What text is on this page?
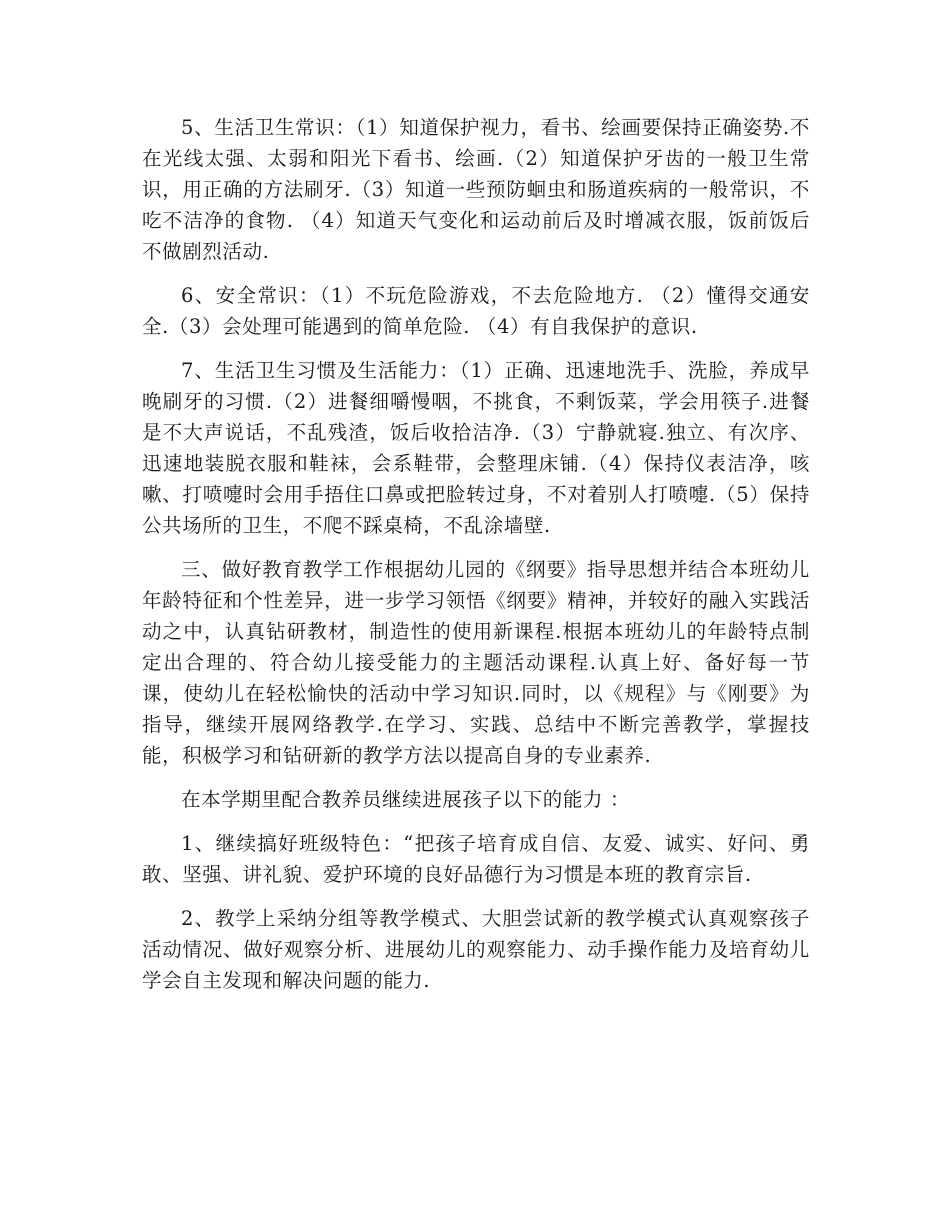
5、生活卫生常识：（1）知道保护视力，看书、绘画要保持正确姿势.不在光线太强、太弱和阳光下看书、绘画.（2）知道保护牙齿的一般卫生常识，用正确的方法刷牙.（3）知道一些预防蛔虫和肠道疾病的一般常识，不吃不洁净的食物. （4）知道天气变化和运动前后及时增减衣服，饭前饭后不做剧烈活动.

6、安全常识：（1）不玩危险游戏，不去危险地方. （2）懂得交通安全.（3）会处理可能遇到的简单危险. （4）有自我保护的意识.

7、生活卫生习惯及生活能力：（1）正确、迅速地洗手、洗脸，养成早晚刷牙的习惯.（2）进餐细嚼慢咽，不挑食，不剩饭菜，学会用筷子.进餐是不大声说话，不乱残渣，饭后收拾洁净.（3）宁静就寝.独立、有次序、迅速地装脱衣服和鞋袜，会系鞋带，会整理床铺.（4）保持仪表洁净，咳嗽、打喷嚏时会用手捂住口鼻或把脸转过身，不对着别人打喷嚏.（5）保持公共场所的卫生，不爬不踩桌椅，不乱涂墙壁.

三、做好教育教学工作根据幼儿园的《纲要》指导思想并结合本班幼儿年龄特征和个性差异，进一步学习领悟《纲要》精神，并较好的融入实践活动之中，认真钻研教材，制造性的使用新课程.根据本班幼儿的年龄特点制定出合理的、符合幼儿接受能力的主题活动课程.认真上好、备好每一节课，使幼儿在轻松愉快的活动中学习知识.同时，以《规程》与《刚要》为指导，继续开展网络教学.在学习、实践、总结中不断完善教学，掌握技能，积极学习和钻研新的教学方法以提高自身的专业素养.

在本学期里配合教养员继续进展孩子以下的能力 ：

1、继续搞好班级特色：“把孩子培育成自信、友爱、诚实、好问、勇敢、坚强、讲礼貌、爱护环境的良好品德行为习惯是本班的教育宗旨.

2、教学上采纳分组等教学模式、大胆尝试新的教学模式认真观察孩子活动情况、做好观察分析、进展幼儿的观察能力、动手操作能力及培育幼儿学会自主发现和解决问题的能力.
